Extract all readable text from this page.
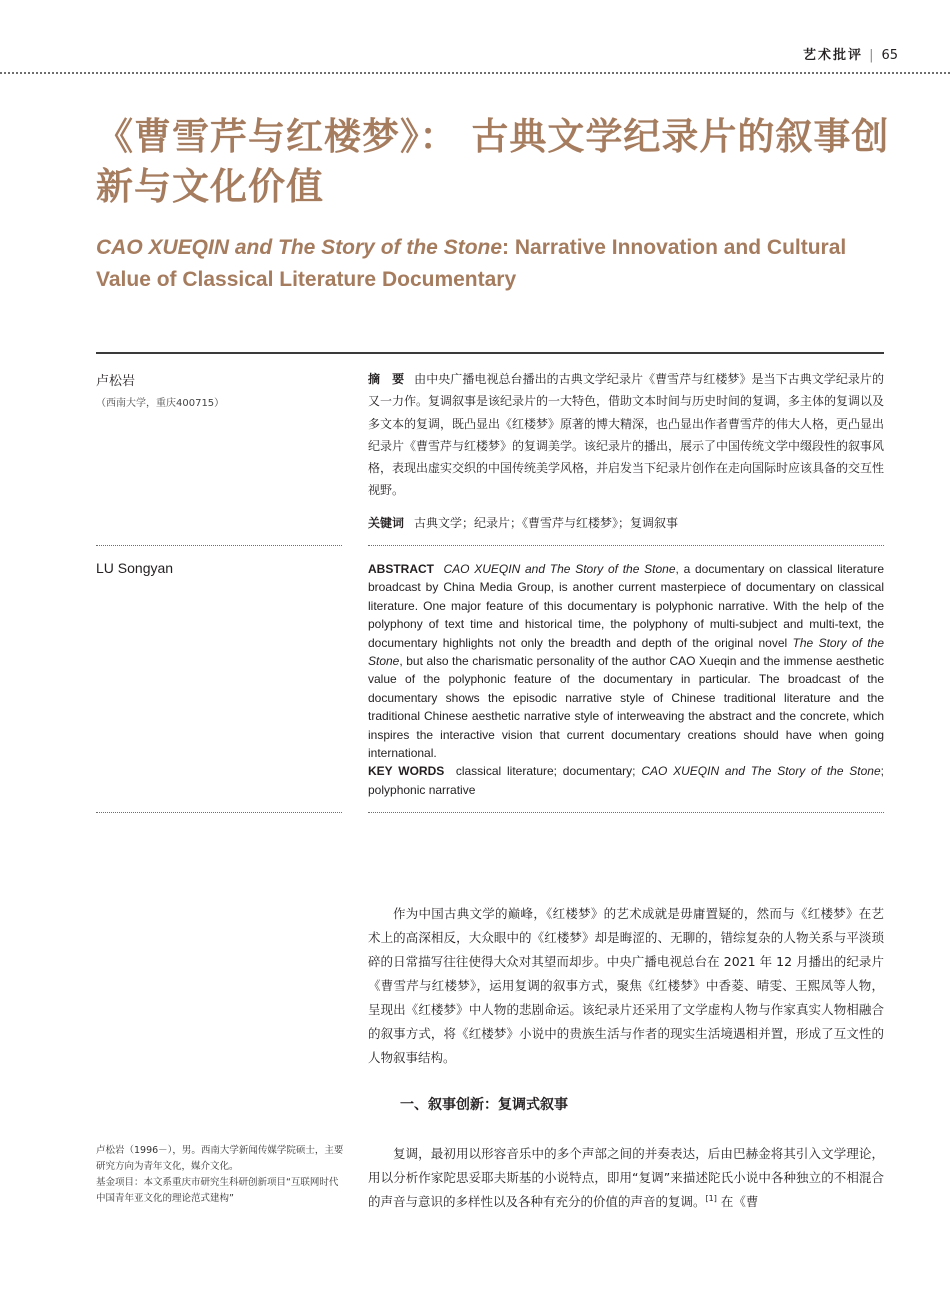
艺术批评 | 65
《曹雪芹与红楼梦》： 古典文学纪录片的叙事创新与文化价值
CAO XUEQIN and The Story of the Stone: Narrative Innovation and Cultural Value of Classical Literature Documentary
卢松岩
（西南大学，重庆400715）
摘　要 由中央广播电视总台播出的古典文学纪录片《曹雪芹与红楼梦》是当下古典文学纪录片的又一力作。复调叙事是该纪录片的一大特色，借助文本时间与历史时间的复调，多主体的复调以及多文本的复调，既凸显出《红楼梦》原著的博大精深，也凸显出作者曹雪芹的伟大人格，更凸显出纪录片《曹雪芹与红楼梦》的复调美学。该纪录片的播出，展示了中国传统文学中缀段性的叙事风格，表现出虚实交织的中国传统美学风格，并启发当下纪录片创作在走向国际时应该具备的交互性视野。
关键词 古典文学；纪录片；《曹雪芹与红楼梦》；复调叙事
LU Songyan	ABSTRACT CAO XUEQIN and The Story of the Stone, a documentary on classical literature broadcast by China Media Group, is another current masterpiece of documentary on classical literature. One major feature of this documentary is polyphonic narrative. With the help of the polyphony of text time and historical time, the polyphony of multi-subject and multi-text, the documentary highlights not only the breadth and depth of the original novel The Story of the Stone, but also the charismatic personality of the author CAO Xueqin and the immense aesthetic value of the polyphonic feature of the documentary in particular. The broadcast of the documentary shows the episodic narrative style of Chinese traditional literature and the traditional Chinese aesthetic narrative style of interweaving the abstract and the concrete, which inspires the interactive vision that current documentary creations should have when going international.
KEY WORDS classical literature; documentary; CAO XUEQIN and The Story of the Stone; polyphonic narrative
作为中国古典文学的巅峰，《红楼梦》的艺术成就是毋庸置疑的，然而与《红楼梦》在艺术上的高深相反，大众眼中的《红楼梦》却是晦涩的、无聊的，错综复杂的人物关系与平淡琐碎的日常描写往往使得大众对其望而却步。中央广播电视总台在 2021 年 12 月播出的纪录片《曹雪芹与红楼梦》，运用复调的叙事方式，聚焦《红楼梦》中香菱、晴雯、王熙凤等人物，呈现出《红楼梦》中人物的悲剧命运。该纪录片还采用了文学虚构人物与作家真实人物相融合的叙事方式，将《红楼梦》小说中的贵族生活与作者的现实生活境遇相并置，形成了互文性的人物叙事结构。
一、叙事创新：复调式叙事
复调，最初用以形容音乐中的多个声部之间的并奏表达，后由巴赫金将其引入文学理论，用以分析作家陀思妥耶夫斯基的小说特点，即用“复调”来描述陀氏小说中各种独立的不相混合的声音与意识的多样性以及各种有充分的价值的声音的复调。[1] 在《曹
卢松岩（1996－），男。西南大学新闻传媒学院硕士，主要研究方向为青年文化，媒介文化。
基金项目：本文系重庆市研究生科研创新项目“互联网时代中国青年亚文化的理论范式建构”
